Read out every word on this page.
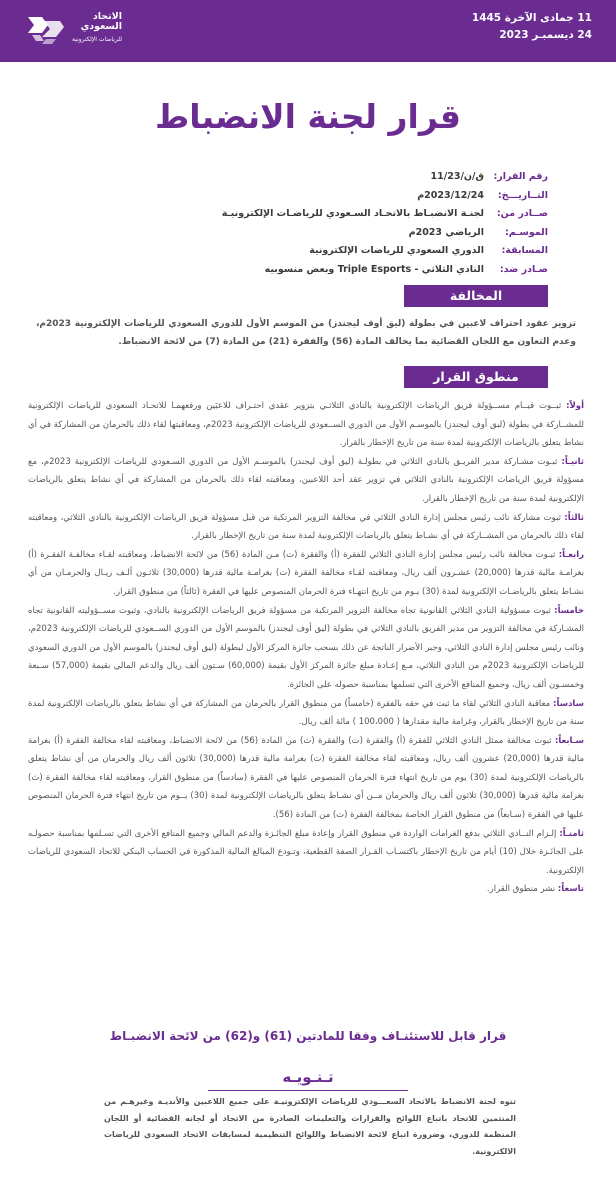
11 جمادى الآخرة 1445
24 ديسمبـر 2023
الاتحاد
السعودي
للرياضات الإلكترونية
قرار لجنة الانضباط
رقم القرار:
ق/ن/11/23
التــاريـــخ:
2023/12/24م
صــادر من:
لجنـة الانضبـاط بالاتحـاد السـعودي للرياضـات الإلكترونيـة
الموسـم:
الرياضي 2023م
المسابقة:
الدوري السعودي للرياضات الإلكترونية
صـادر ضد:
النادي الثلاثي - Triple Esports وبعض منسوبيه
المخالفة

تزوير عقود احتراف لاعبين في بطولة (ليق أوف ليجندز) من الموسم الأول للدوري السعودي للرياضات الإلكترونية 2023م، وعدم التعاون مع اللجان القضائية بما يخالف المادة (56) والفقرة (21) من المادة (7) من لائحة الانضباط.

منطوق القرار

أولاً: ثبــوت قيــام مســؤولة فريق الرياضات الإلكترونية بالنادي الثلاثـي بتزوير عقدي احتـراف للاعبَين ورفعهمـا للاتحـاد السعودي للرياضات الإلكترونية للمشــاركة في بطولة (ليق أوف ليجندز) بالموسـم الأول من الدوري الســعودي للرياضات الإلكترونية 2023م، ومعاقبتها لقاء ذلك بالحرمان من المشاركة في أي نشاط يتعلق بالرياضات الإلكترونية لمدة سنة من تاريخ الإخطار بالقرار.

ثانيـاً: ثبـوت مشـاركة مدير الفريـق بالنادي الثلاثي في بطولـة (ليق أوف ليجندز) بالموسـم الأول من الدوري السـعودي للرياضات الإلكترونية 2023م، مع مسؤولة فريق الرياضات الإلكترونية بالنادي الثلاثي في تزوير عقد أحد اللاعبين، ومعاقبته لقاء ذلك بالحرمان من المشاركة في أي نشاط يتعلق بالرياضات الإلكترونية لمدة سنة من تاريخ الإخطار بالقرار.

ثالثاً: ثبوت مشاركة نائب رئيس مجلس إدارة النادي الثلاثي في مخالفة التزوير المرتكبة من قبل مسؤولة فريق الرياضات الإلكترونية بالنادي الثلاثي، ومعاقبته لقاء ذلك بالحرمان من المشــاركة في أي نشـاط يتعلق بالرياضات الإلكترونية لمدة سنة من تاريخ الإخطار بالقرار.

رابعـاً: ثبـوت مخالفة نائب رئيس مجلس إدارة النادي الثلاثي للفقرة (أ) والفقرة (ت) مـن المادة (56) من لائحة الانضباط، ومعاقبته لقـاء مخالفـة الفقـرة (أ) بغرامـة مالية قدرها (20,000) عشـرون ألف ريال، ومعاقبته لقـاء مخالفة الفقرة (ت) بغرامـة مالية قدرها (30,000) ثلاثـون ألـف ريـال والحرمـان من أي نشـاط يتعلق بالرياضـات الإلكترونية لمدة (30) يـوم من تاريخ انتهـاء فترة الحرمان المنصوص عليها في الفقرة (ثالثاً) من منطوق القرار.

خامساً: ثبوت مسؤولية النادي الثلاثي القانونية تجاه مخالفة التزوير المرتكبة من مسؤولة فريق الرياضات الإلكترونية بالنادي، وثبوت مســؤوليته القانونية تجاه المشـاركة في مخالفة التزوير من مدير الفريق بالنادي الثلاثي في بطولة (ليق أوف ليجندز) بالموسم الأول من الدوري الســعودي للرياضات الإلكترونية 2023م، ونائب رئيس مجلس إدارة النادي الثلاثي، وجبر الأضرار الناتجة عن ذلك بسحب جائزة المركز الأول لبطولة (ليق أوف ليجندز) بالموسم الأول من الدوري السعودي للرياضات الإلكترونية 2023م من النادي الثلاثي، مـع إعـادة مبلغ جائزة المركز الأول بقيمة (60,000) سـتون ألف ريال والدعم المالي بقيمة (57,000) سـبعة وخمسـون ألف ريال، وجميع المنافع الأخرى التي تسلمها بمناسبة حصوله على الجائزة.

سادساً: معاقبة النادي الثلاثي لقاء ما ثبت في حقه بالفقرة (خامساً) من منطوق القرار بالحرمان من المشاركة في أي نشاط يتعلق بالرياضات الإلكترونية لمدة سنة من تاريخ الإخطار بالقرار، وغرامة مالية مقدارها ( 100،000 ) مائة ألف ريال.

سـابعاً: ثبوت مخالفة ممثل النادي الثلاثي للفقرة (أ) والفقرة (ت) والفقرة (ث) من المادة (56) من لائحة الانضباط، ومعاقبته لقاء مخالفة الفقرة (أ) بغرامة مالية قدرها (20,000) عشرون ألف ريال، ومعاقبته لقاء مخالفة الفقرة (ت) بغرامة مالية قدرها (30,000) ثلاثون ألف ريال والحرمان من أي نشاط يتعلق بالرياضات الإلكترونية لمدة (30) يوم من تاريخ انتهاء فترة الحرمان المنصوص عليها في الفقرة (سادساً) من منطوق القرار، ومعاقبته لقاء مخالفة الفقرة (ث) بغرامة مالية قدرها (30,000) ثلاثون ألف ريال والحرمان مــن أي نشـاط يتعلق بالرياضات الإلكترونية لمدة (30) يــوم من تاريخ انتهاء فترة الحرمان المنصوص عليها في الفقرة (سـابعاً) من منطوق القرار الخاصة بمخالفة الفقرة (ت) من المادة (56).

ثامنـاً: إلـزام النــادي الثلاثي بدفع الغرامات الواردة في منطوق القرار وإعادة مبلغ الجائـزة والدعم المالي وجميع المنافع الأخرى التي تسـلمها بمناسبة حصولـه على الجائـزة خلال (10) أيام من تاريخ الإخطار باكتسـاب القـرار الصفة القطعية، وتـودع المبالغ المالية المذكورة في الحساب البنكي للاتحاد السعودي للرياضات الإلكترونية.

تاسعاً: نشر منطوق القرار.

قرار قابل للاستئنـاف وفقا للمادتين (61) و(62) من لائحة الانضبـاط
تـنـويـه

تنوه لجنة الانضباط بالاتحاد السعـــودي للرياضات الإلكترونيـة على جميع اللاعبين والأنديـة وغيرهـم من المنتمين للاتحاد باتباع اللوائح والقرارات والتعليمات الصادرة من الاتحاد أو لجانه القضائية أو اللجان المنظمة للدوري، وضرورة اتباع لائحة الانضباط واللوائح التنظيمية لمسابقات الاتحاد السعودي للرياضات الالكترونية.
